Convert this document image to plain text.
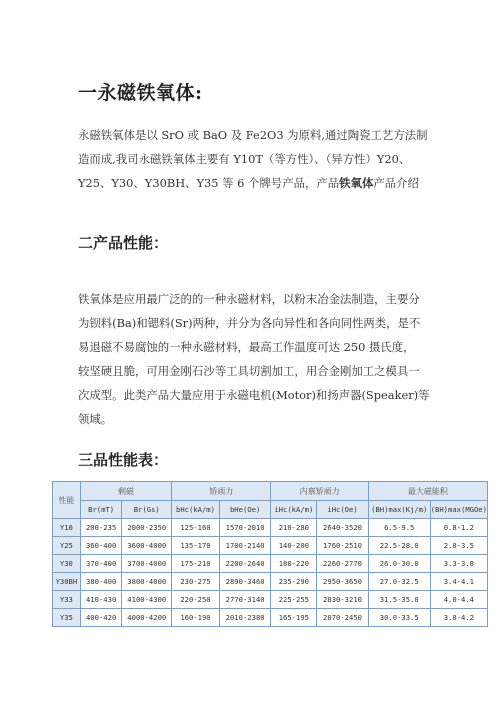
一永磁铁氧体:
永磁铁氧体是以 SrO 或 BaO 及 Fe2O3 为原料,通过陶瓷工艺方法制
造而成,我司永磁铁氧体主要有 Y10T（等方性）、（异方性）Y20、
Y25、Y30、Y30BH、Y35 等 6 个牌号产品，产品铁氧体产品介绍
二产品性能：
铁氧体是应用最广泛的的一种永磁材料，以粉末冶金法制造，主要分
为钡料(Ba)和锶料(Sr)两种，并分为各向异性和各向同性两类，是不
易退磁不易腐蚀的一种永磁材料，最高工作温度可达 250 摄氏度，
较坚硬且脆，可用金刚石沙等工具切割加工，用合金刚加工之模具一
次成型。此类产品大量应用于永磁电机(Motor)和扬声器(Speaker)等
领域。
三品性能表：
性能	剩磁		矫顽力		内禀矫顽力		最大磁能积	
	Br(mT)	Br(Gs)	bHc(kA/m)	bHe(Oe)	iHc(kA/m)	iHc(Oe)	(BH)max(Kj/m)	(BH)max(MGOe)
Y10	200-235	2000-2350	125-160	1570-2010	210-280	2640-3520	6.5-9.5	0.8-1.2
Y25	360-400	3600-4000	135-170	1700-2140	140-200	1760-2510	22.5-28.0	2.8-3.5
Y30	370-400	3700-4000	175-210	2200-2640	180-220	2260-2770	26.0-30.0	3.3-3.8
Y30BH	380-400	3800-4000	230-275	2890-3460	235-290	2950-3650	27.0-32.5	3.4-4.1
Y33	410-430	4100-4300	220-250	2770-3140	225-255	2830-3210	31.5-35.0	4.0-4.4
Y35	400-420	4000-4200	160-190	2010-2380	165-195	2070-2450	30.0-33.5	3.8-4.2
